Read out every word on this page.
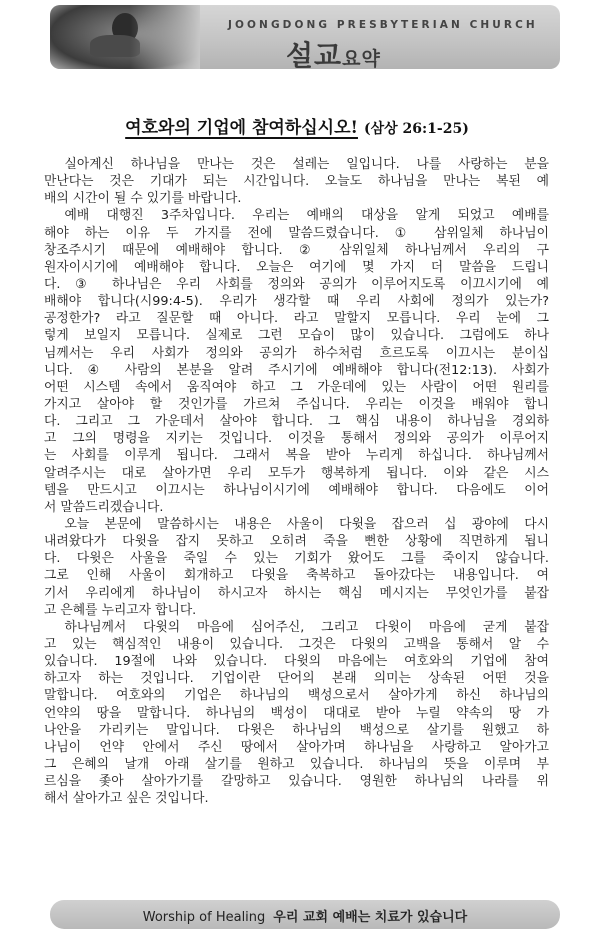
JOONGDONG PRESBYTERIAN CHURCH
설교요약
여호와의 기업에 참여하십시오! (삼상 26:1-25)
실아계신 하나님을 만나는 것은 설레는 일입니다. 나를 사랑하는 분을
만난다는 것은 기대가 되는 시간입니다. 오늘도 하나님을 만나는 복된 예
배의 시간이 될 수 있기를 바랍니다.
예배 대행진 3주차입니다. 우리는 예배의 대상을 알게 되었고 예배를
해야 하는 이유 두 가지를 전에 말씀드렸습니다. ① 삼위일체 하나님이
창조주시기 때문에 예배해야 합니다. ② 삼위일체 하나님께서 우리의 구
원자이시기에 예배해야 합니다. 오늘은 여기에 몇 가지 더 말씀을 드립니
다. ③ 하나님은 우리 사회를 정의와 공의가 이루어지도록 이끄시기에 예
배해야 합니다(시99:4-5). 우리가 생각할 때 우리 사회에 정의가 있는가?
공정한가? 라고 질문할 때 아니다. 라고 말할지 모릅니다. 우리 눈에 그
렇게 보일지 모릅니다. 실제로 그런 모습이 많이 있습니다. 그럼에도 하나
님께서는 우리 사회가 정의와 공의가 하수처럼 흐르도록 이끄시는 분이십
니다. ④ 사람의 본분을 알려 주시기에 예배해야 합니다(전12:13). 사회가
어떤 시스템 속에서 움직여야 하고 그 가운데에 있는 사람이 어떤 원리를
가지고 살아야 할 것인가를 가르쳐 주십니다. 우리는 이것을 배워야 합니
다. 그리고 그 가운데서 살아야 합니다. 그 핵심 내용이 하나님을 경외하
고 그의 명령을 지키는 것입니다. 이것을 통해서 정의와 공의가 이루어지
는 사회를 이루게 됩니다. 그래서 복을 받아 누리게 하십니다. 하나님께서
알려주시는 대로 살아가면 우리 모두가 행복하게 됩니다. 이와 같은 시스
템을 만드시고 이끄시는 하나님이시기에 예배해야 합니다. 다음에도 이어
서 말씀드리겠습니다.
오늘 본문에 말씀하시는 내용은 사울이 다윗을 잡으러 십 광야에 다시
내려왔다가 다윗을 잡지 못하고 오히려 죽을 뻔한 상황에 직면하게 됩니
다. 다윗은 사울을 죽일 수 있는 기회가 왔어도 그를 죽이지 않습니다.
그로 인해 사울이 회개하고 다윗을 축복하고 돌아갔다는 내용입니다. 여
기서 우리에게 하나님이 하시고자 하시는 핵심 메시지는 무엇인가를 붙잡
고 은혜를 누리고자 합니다.
하나님께서 다윗의 마음에 심어주신, 그리고 다윗이 마음에 굳게 붙잡
고 있는 핵심적인 내용이 있습니다. 그것은 다윗의 고백을 통해서 알 수
있습니다. 19절에 나와 있습니다. 다윗의 마음에는 여호와의 기업에 참여
하고자 하는 것입니다. 기업이란 단어의 본래 의미는 상속된 어떤 것을
말합니다. 여호와의 기업은 하나님의 백성으로서 살아가게 하신 하나님의
언약의 땅을 말합니다. 하나님의 백성이 대대로 받아 누릴 약속의 땅 가
나안을 가리키는 말입니다. 다윗은 하나님의 백성으로 살기를 원했고 하
나님이 언약 안에서 주신 땅에서 살아가며 하나님을 사랑하고 알아가고
그 은혜의 날개 아래 살기를 원하고 있습니다. 하나님의 뜻을 이루며 부
르심을 좇아 살아가기를 갈망하고 있습니다. 영원한 하나님의 나라를 위
해서 살아가고 싶은 것입니다.
Worship of Healing 우리 교회 예배는 치료가 있습니다
